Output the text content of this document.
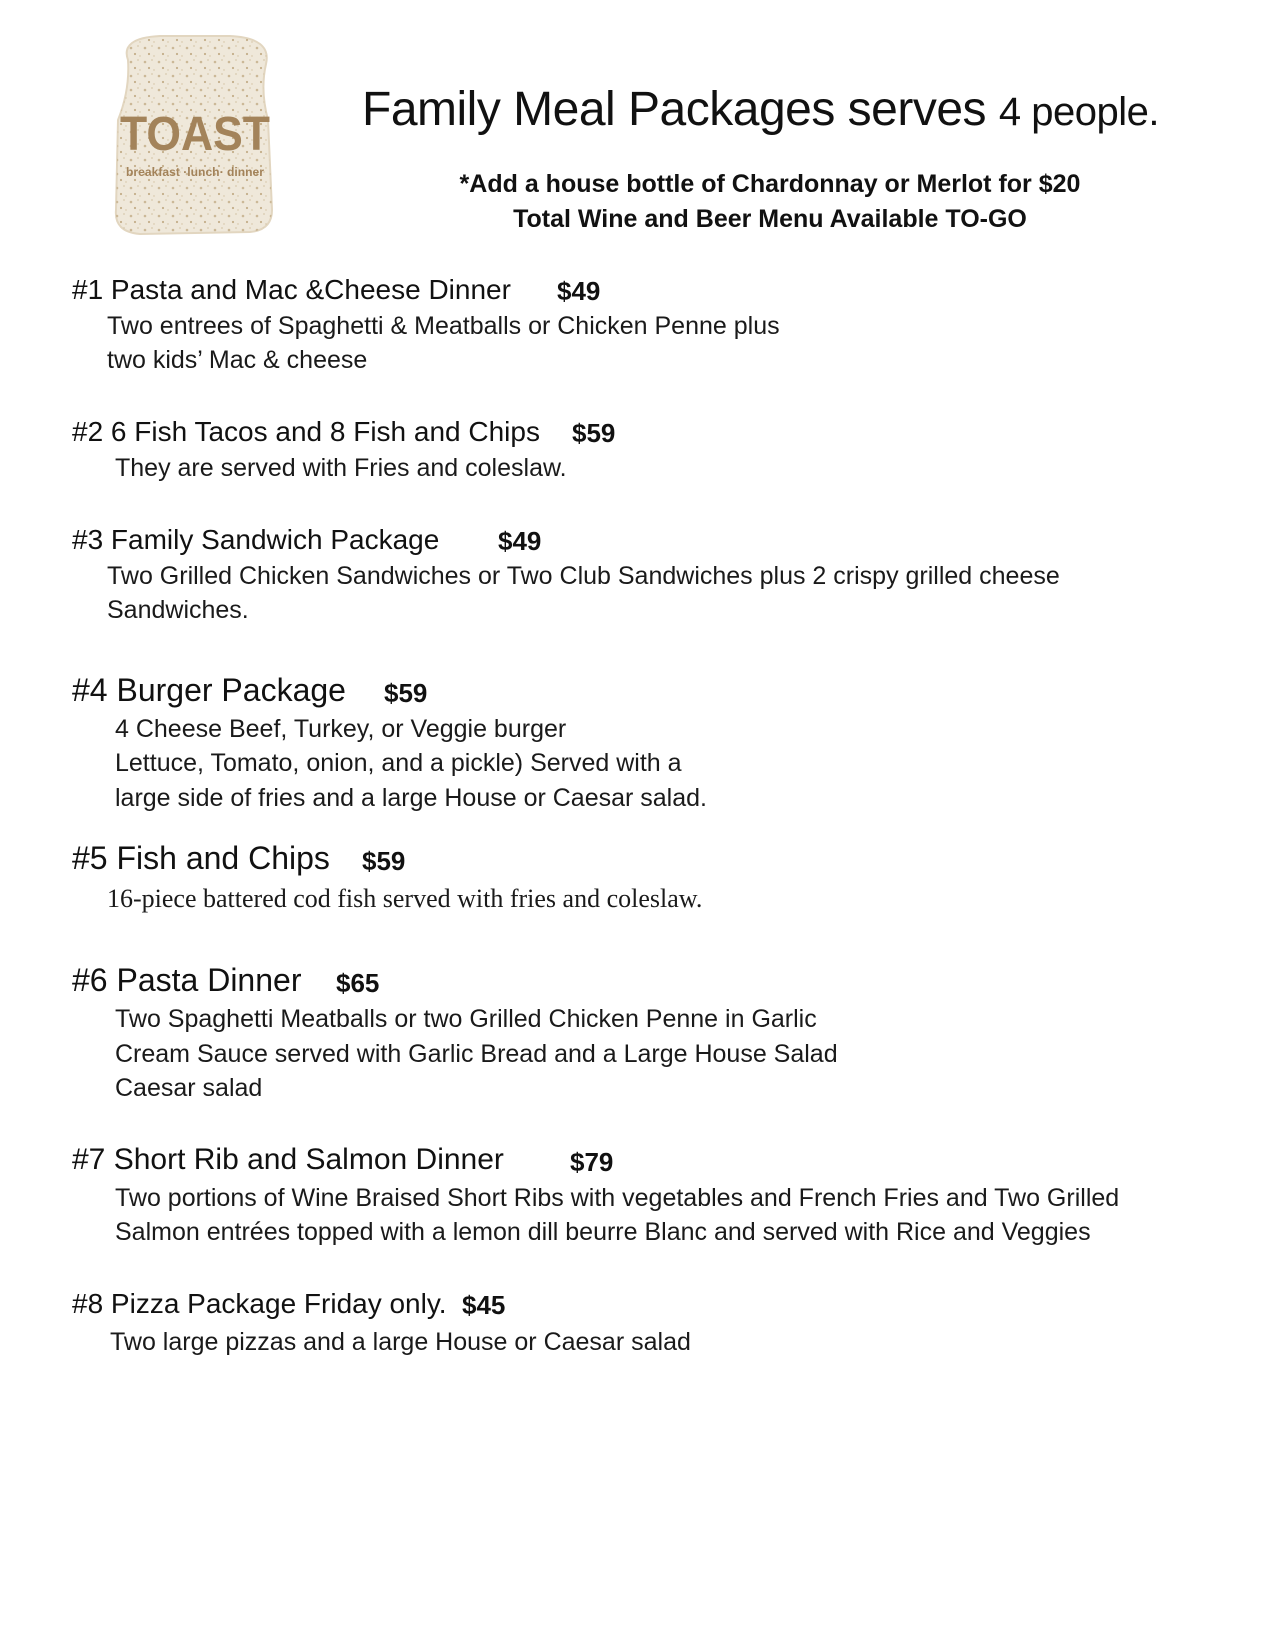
TOAST
breakfast ·lunch· dinner
Family Meal Packages serves 4 people.
*Add a house bottle of Chardonnay or Merlot for $20
Total Wine and Beer Menu Available TO-GO
#1 Pasta and Mac &Cheese Dinner $49
Two entrees of Spaghetti & Meatballs or Chicken Penne plus
two kids’ Mac & cheese
#2 6 Fish Tacos and 8 Fish and Chips $59
They are served with Fries and coleslaw.
#3 Family Sandwich Package $49
Two Grilled Chicken Sandwiches or Two Club Sandwiches plus 2 crispy grilled cheese
Sandwiches.
#4 Burger Package $59
4 Cheese Beef, Turkey, or Veggie burger
Lettuce, Tomato, onion, and a pickle) Served with a
large side of fries and a large House or Caesar salad.
#5 Fish and Chips $59
16-piece battered cod fish served with fries and coleslaw.
#6 Pasta Dinner $65
Two Spaghetti Meatballs or two Grilled Chicken Penne in Garlic
Cream Sauce served with Garlic Bread and a Large House Salad
Caesar salad
#7 Short Rib and Salmon Dinner	$79
Two portions of Wine Braised Short Ribs with vegetables and French Fries and Two Grilled
Salmon entrées topped with a lemon dill beurre Blanc and served with Rice and Veggies
#8 Pizza Package Friday only. $45
Two large pizzas and a large House or Caesar salad
